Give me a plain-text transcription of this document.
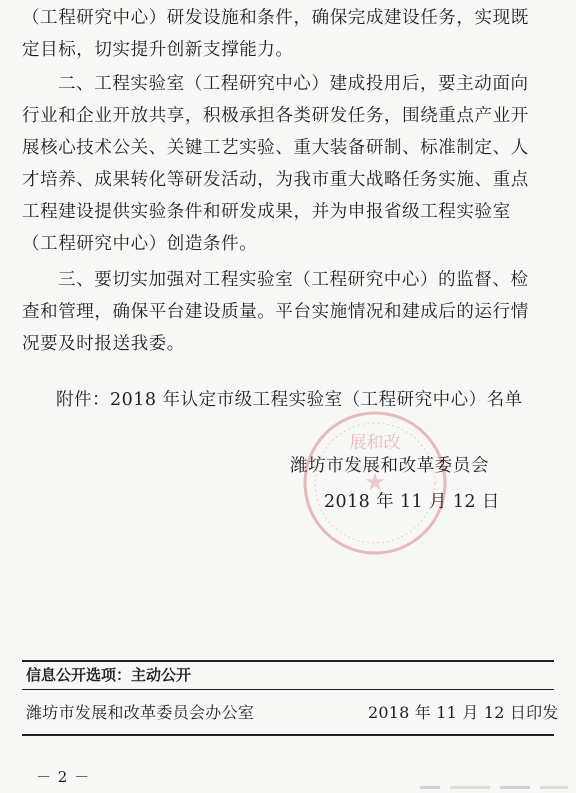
（工程研究中心）研发设施和条件，确保完成建设任务，实现既
定目标，切实提升创新支撑能力。
二、工程实验室（工程研究中心）建成投用后，要主动面向
行业和企业开放共享，积极承担各类研发任务，围绕重点产业开
展核心技术公关、关键工艺实验、重大装备研制、标准制定、人
才培养、成果转化等研发活动，为我市重大战略任务实施、重点
工程建设提供实验条件和研发成果，并为申报省级工程实验室
（工程研究中心）创造条件。
三、要切实加强对工程实验室（工程研究中心）的监督、检
查和管理，确保平台建设质量。平台实施情况和建成后的运行情
况要及时报送我委。
附件：2018 年认定市级工程实验室（工程研究中心）名单
展和改
★
潍坊市发展和改革委员会
2018 年 11 月 12 日
信息公开选项：主动公开
潍坊市发展和改革委员会办公室	2018 年 11 月 12 日印发
－ 2 －
